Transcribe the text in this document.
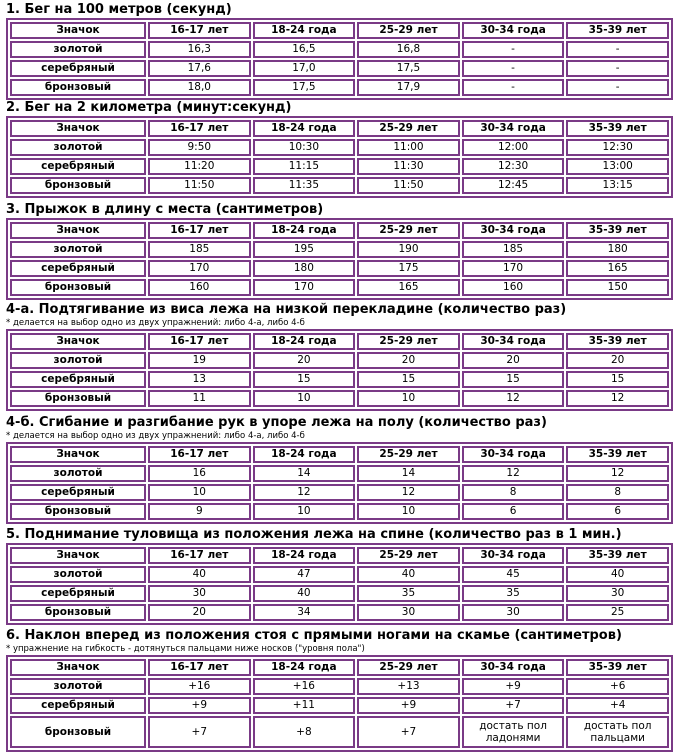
1. Бег на 100 метров (секунд)
Значок	16-17 лет	18-24 года	25-29 лет	30-34 года	35-39 лет
золотой	16,3	16,5	16,8	-	-
серебряный	17,6	17,0	17,5	-	-
бронзовый	18,0	17,5	17,9	-	-
2. Бег на 2 километра (минут:секунд)
Значок	16-17 лет	18-24 года	25-29 лет	30-34 года	35-39 лет
золотой	9:50	10:30	11:00	12:00	12:30
серебряный	11:20	11:15	11:30	12:30	13:00
бронзовый	11:50	11:35	11:50	12:45	13:15
3. Прыжок в длину с места (сантиметров)
Значок	16-17 лет	18-24 года	25-29 лет	30-34 года	35-39 лет
золотой	185	195	190	185	180
серебряный	170	180	175	170	165
бронзовый	160	170	165	160	150
4-а. Подтягивание из виса лежа на низкой перекладине (количество раз)
* делается на выбор одно из двух упражнений: либо 4-а, либо 4-б
Значок	16-17 лет	18-24 года	25-29 лет	30-34 года	35-39 лет
золотой	19	20	20	20	20
серебряный	13	15	15	15	15
бронзовый	11	10	10	12	12
4-б. Сгибание и разгибание рук в упоре лежа на полу (количество раз)
* делается на выбор одно из двух упражнений: либо 4-а, либо 4-б
Значок	16-17 лет	18-24 года	25-29 лет	30-34 года	35-39 лет
золотой	16	14	14	12	12
серебряный	10	12	12	8	8
бронзовый	9	10	10	6	6
5. Поднимание туловища из положения лежа на спине (количество раз в 1 мин.)
Значок	16-17 лет	18-24 года	25-29 лет	30-34 года	35-39 лет
золотой	40	47	40	45	40
серебряный	30	40	35	35	30
бронзовый	20	34	30	30	25
6. Наклон вперед из положения стоя с прямыми ногами на скамье (сантиметров)
* упражнение на гибкость - дотянуться пальцами ниже носков ("уровня пола")
Значок	16-17 лет	18-24 года	25-29 лет	30-34 года	35-39 лет
золотой	+16	+16	+13	+9	+6
серебряный	+9	+11	+9	+7	+4
бронзовый	+7	+8	+7	достать пол ладонями	достать пол пальцами
